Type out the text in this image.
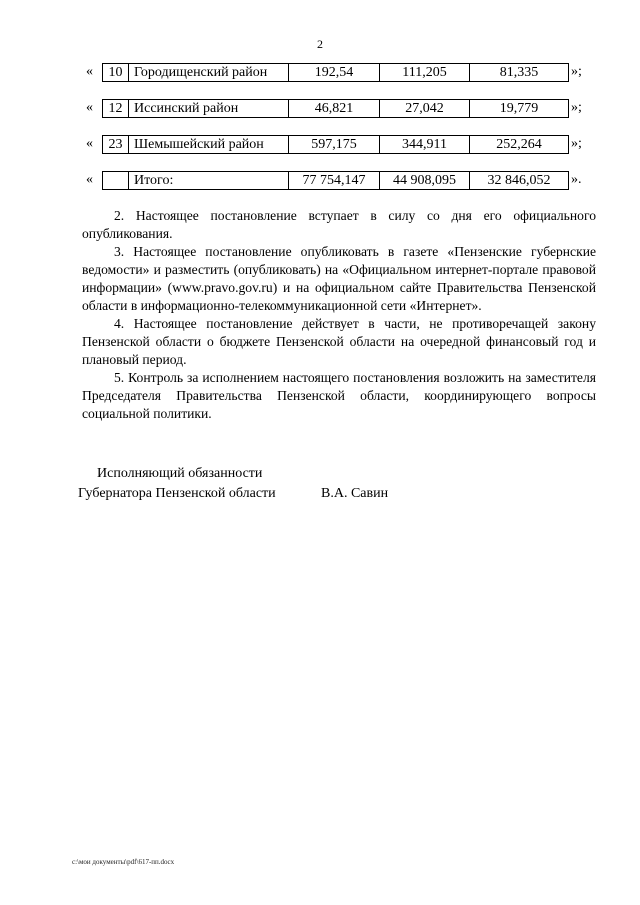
2
«	10 Городищенский район	192,54	111,205	81,335	»;
«	12 Иссинский район	46,821	27,042	19,779	»;
«	23 Шемышейский район	597,175	344,911	252,264	»;
«	Итого:	77 754,147	44 908,095	32 846,052	».

2. Настоящее постановление вступает в силу со дня его официального опубликования.

3. Настоящее постановление опубликовать в газете «Пензенские губернские ведомости» и разместить (опубликовать) на «Официальном интернет-портале правовой информации» (www.pravo.gov.ru) и на официальном сайте Правительства Пензенской области в информационно-телекоммуникационной сети «Интернет».

4. Настоящее постановление действует в части, не противоречащей закону Пензенской области о бюджете Пензенской области на очередной финансовый год и плановый период.

5. Контроль за исполнением настоящего постановления возложить на заместителя Председателя Правительства Пензенской области, координирующего вопросы социальной политики.

Исполняющий обязанности
Губернатора Пензенской области	В.А. Савин
c:\мои документы\pdf\617-пп.docx
